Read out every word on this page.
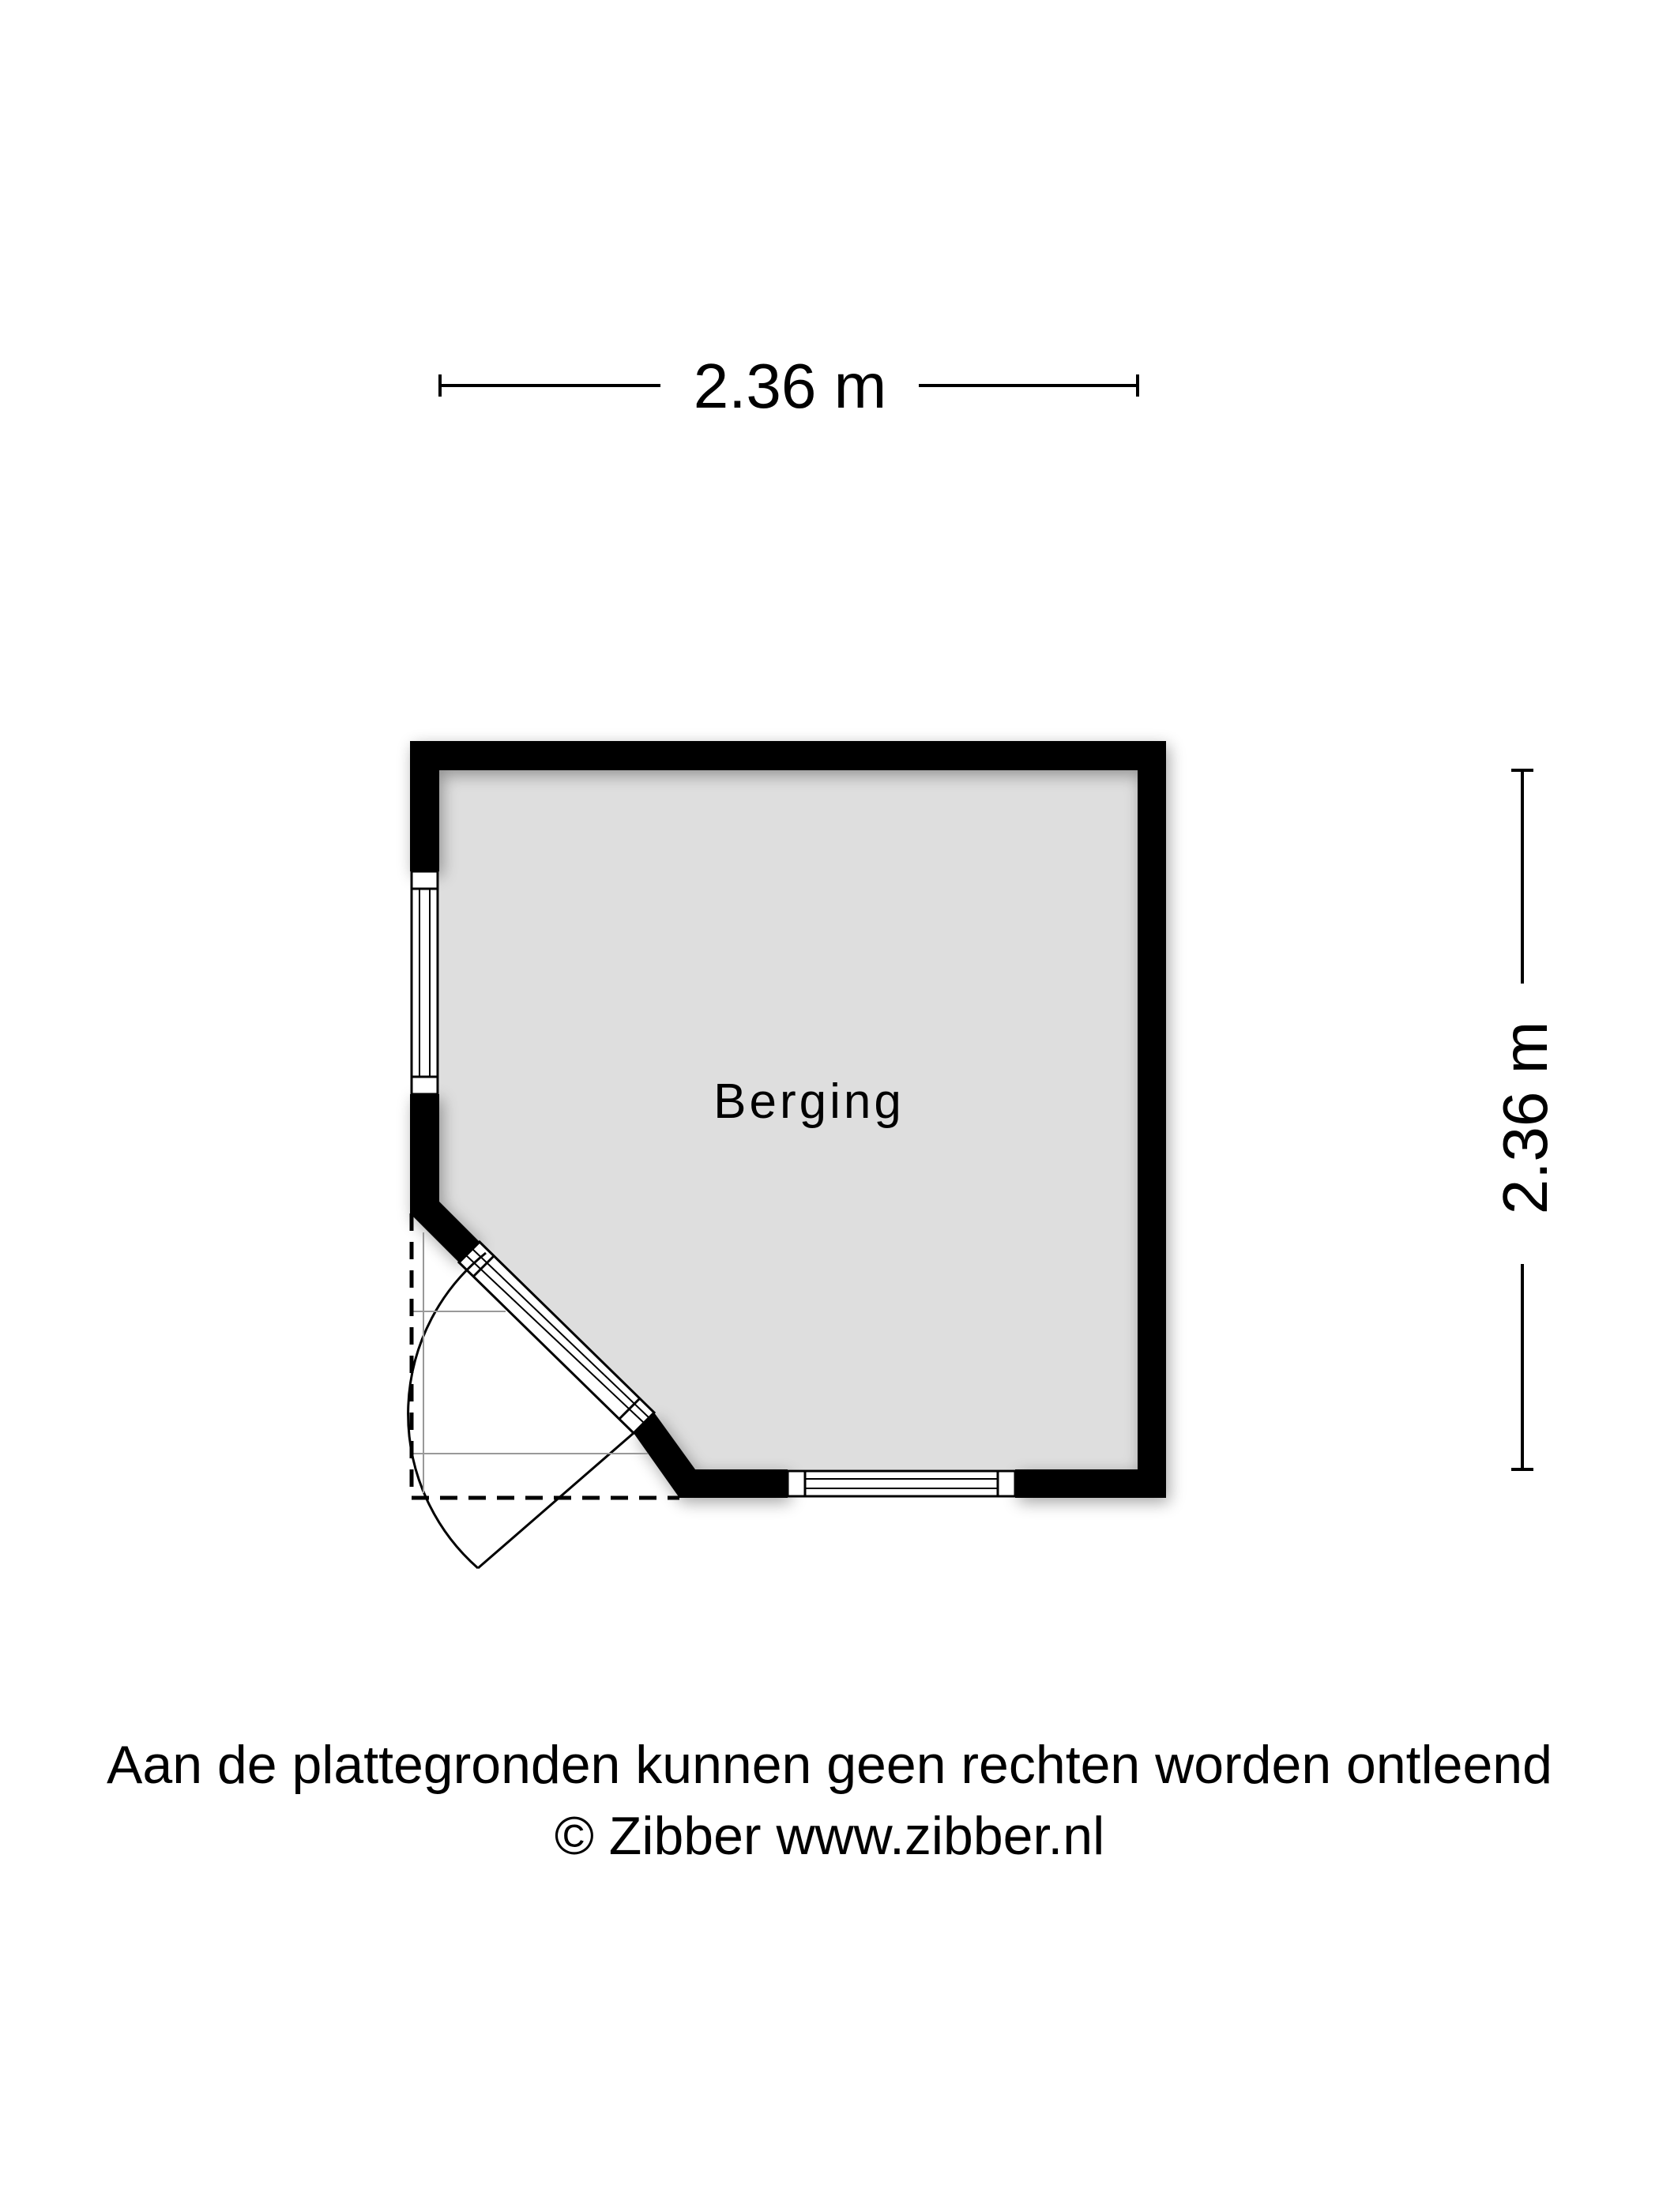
2.36 m
2.36 m
Berging
Aan de plattegronden kunnen geen rechten worden ontleend
© Zibber www.zibber.nl
